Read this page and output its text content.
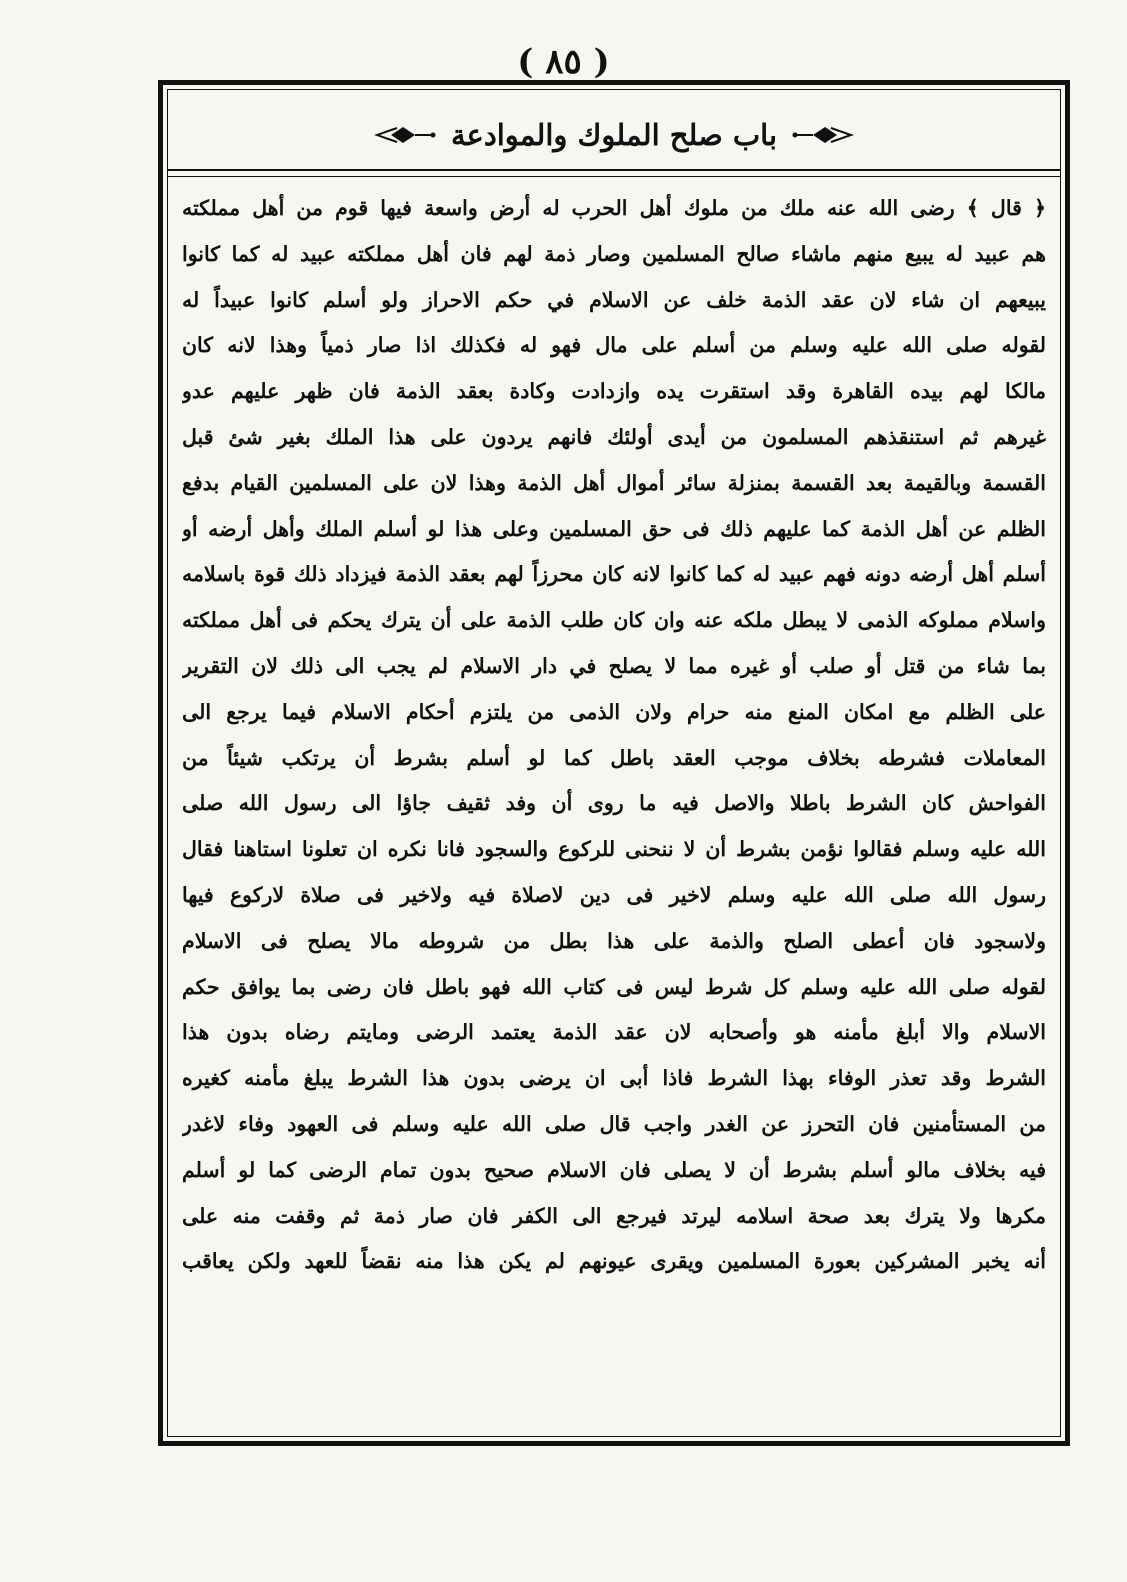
( ٨٥ )
باب صلح الملوك والموادعة
﴿ قال ﴾ رضى الله عنه ملك من ملوك أهل الحرب له أرض واسعة فيها قوم من أهل مملكته
هم عبيد له يبيع منهم ماشاء صالح المسلمين وصار ذمة لهم فان أهل مملكته عبيد له كما كانوا
يبيعهم ان شاء لان عقد الذمة خلف عن الاسلام في حكم الاحراز ولو أسلم كانوا عبيداً له
لقوله صلى الله عليه وسلم من أسلم على مال فهو له فكذلك اذا صار ذمياً وهذا لانه كان
مالكا لهم بيده القاهرة وقد استقرت يده وازدادت وكادة بعقد الذمة فان ظهر عليهم عدو
غيرهم ثم استنقذهم المسلمون من أيدى أولئك فانهم يردون على هذا الملك بغير شئ قبل
القسمة وبالقيمة بعد القسمة بمنزلة سائر أموال أهل الذمة وهذا لان على المسلمين القيام بدفع
الظلم عن أهل الذمة كما عليهم ذلك فى حق المسلمين وعلى هذا لو أسلم الملك وأهل أرضه أو
أسلم أهل أرضه دونه فهم عبيد له كما كانوا لانه كان محرزاً لهم بعقد الذمة فيزداد ذلك قوة باسلامه
واسلام مملوكه الذمى لا يبطل ملكه عنه وان كان طلب الذمة على أن يترك يحكم فى أهل مملكته
بما شاء من قتل أو صلب أو غيره مما لا يصلح في دار الاسلام لم يجب الى ذلك لان التقرير
على الظلم مع امكان المنع منه حرام ولان الذمى من يلتزم أحكام الاسلام فيما يرجع الى
المعاملات فشرطه بخلاف موجب العقد باطل كما لو أسلم بشرط أن يرتكب شيئاً من
الفواحش كان الشرط باطلا والاصل فيه ما روى أن وفد ثقيف جاؤا الى رسول الله صلى
الله عليه وسلم فقالوا نؤمن بشرط أن لا ننحنى للركوع والسجود فانا نكره ان تعلونا استاهنا فقال
رسول الله صلى الله عليه وسلم لاخير فى دين لاصلاة فيه ولاخير فى صلاة لاركوع فيها
ولاسجود فان أعطى الصلح والذمة على هذا بطل من شروطه مالا يصلح فى الاسلام
لقوله صلى الله عليه وسلم كل شرط ليس فى كتاب الله فهو باطل فان رضى بما يوافق حكم
الاسلام والا أبلغ مأمنه هو وأصحابه لان عقد الذمة يعتمد الرضى ومايتم رضاه بدون هذا
الشرط وقد تعذر الوفاء بهذا الشرط فاذا أبى ان يرضى بدون هذا الشرط يبلغ مأمنه كغيره
من المستأمنين فان التحرز عن الغدر واجب قال صلى الله عليه وسلم فى العهود وفاء لاغدر
فيه بخلاف مالو أسلم بشرط أن لا يصلى فان الاسلام صحيح بدون تمام الرضى كما لو أسلم
مكرها ولا يترك بعد صحة اسلامه ليرتد فيرجع الى الكفر فان صار ذمة ثم وقفت منه على
أنه يخبر المشركين بعورة المسلمين ويقرى عيونهم لم يكن هذا منه نقضاً للعهد ولكن يعاقب
